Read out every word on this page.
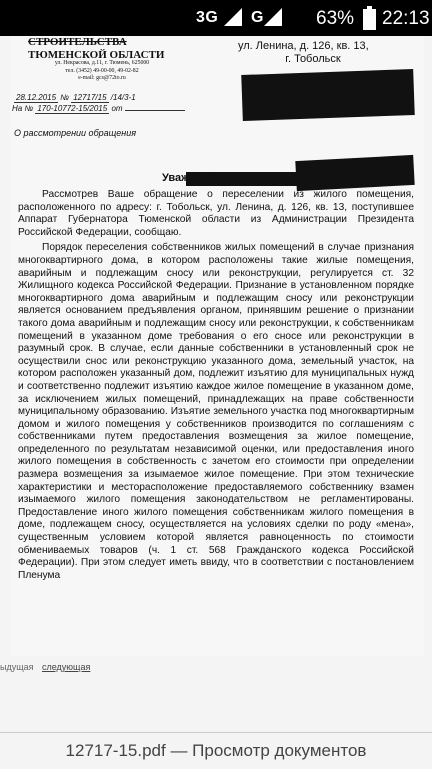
3G G	63% 22:13
СТРОИТЕЛЬСТВА
ТЮМЕНСКОЙ ОБЛАСТИ
ул. Некрасова, д.11, г. Тюмень, 625000
тел. (3452) 49-00-00, 49-02-82
e-mail: gcs@72to.ru
ул. Ленина, д. 126, кв. 13,
г. Тобольск
28.12.2015 № 12717/15 /14/3-1
На № 170-10772-15/2015 от
О рассмотрении обращения
Уважаемая

Рассмотрев Ваше обращение о переселении из жилого помещения, расположенного по адресу: г. Тобольск, ул. Ленина, д. 126, кв. 13, поступившее Аппарат Губернатора Тюменской области из Администрации Президента Российской Федерации, сообщаю.

Порядок переселения собственников жилых помещений в случае признания многоквартирного дома, в котором расположены такие жилые помещения, аварийным и подлежащим сносу или реконструкции, регулируется ст. 32 Жилищного кодекса Российской Федерации. Признание в установленном порядке многоквартирного дома аварийным и подлежащим сносу или реконструкции является основанием предъявления органом, принявшим решение о признании такого дома аварийным и подлежащим сносу или реконструкции, к собственникам помещений в указанном доме требования о его сносе или реконструкции в разумный срок. В случае, если данные собственники в установленный срок не осуществили снос или реконструкцию указанного дома, земельный участок, на котором расположен указанный дом, подлежит изъятию для муниципальных нужд и соответственно подлежит изъятию каждое жилое помещение в указанном доме, за исключением жилых помещений, принадлежащих на праве собственности муниципальному образованию. Изъятие земельного участка под многоквартирным домом и жилого помещения у собственников производится по соглашениям с собственниками путем предоставления возмещения за жилое помещение, определенного по результатам независимой оценки, или предоставления иного жилого помещения в собственность с зачетом его стоимости при определении размера возмещения за изымаемое жилое помещение. При этом технические характеристики и месторасположение предоставляемого собственнику взамен изымаемого жилого помещения законодательством не регламентированы. Предоставление иного жилого помещения собственникам жилого помещения в доме, подлежащем сносу, осуществляется на условиях сделки по роду «мена», существенным условием которой является равноценность по стоимости обмениваемых товаров (ч. 1 ст. 568 Гражданского кодекса Российской Федерации). При этом следует иметь ввиду, что в соответствии с постановлением Пленума

ыдущая следующая
12717-15.pdf — Просмотр документов
